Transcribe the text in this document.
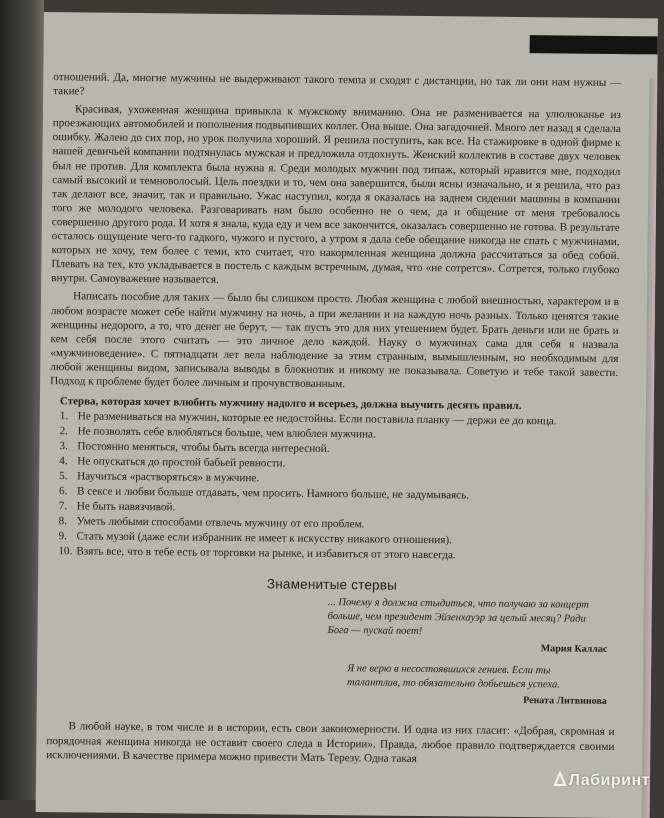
отношений. Да, многие мужчины не выдерживают такого темпа и сходят с дистанции, но так ли они нам нужны — такие?

Красивая, ухоженная женщина привыкла к мужскому вниманию. Она не разменивается на улюлюканье из проезжающих автомобилей и пополнения подвыпивших коллег. Она выше. Она загадочней. Много лет назад я сделала ошибку. Жалею до сих пор, но урок получила хороший. Я решила поступить, как все. На стажировке в одной фирме к нашей девичьей компании подтянулась мужская и предложила отдохнуть. Женский коллектив в составе двух человек был не против. Для комплекта была нужна я. Среди молодых мужчин под типаж, который нравится мне, подходил самый высокий и темноволосый. Цель поездки и то, чем она завершится, были ясны изначально, и я решила, что раз так делают все, значит, так и правильно. Ужас наступил, когда я оказалась на заднем сидении машины в компании того же молодого человека. Разговаривать нам было особенно не о чем, да и общение от меня требовалось совершенно другого рода. И хотя я знала, куда еду и чем все закончится, оказалась совершенно не готова. В результате осталось ощущение чего-то гадкого, чужого и пустого, а утром я дала себе обещание никогда не спать с мужчинами, которых не хочу, тем более с теми, кто считает, что накормленная женщина должна рассчитаться за обед собой. Плевать на тех, кто укладывается в постель с каждым встречным, думая, что «не сотрется». Сотрется, только глубоко внутри. Самоуважение называется.

Написать пособие для таких — было бы слишком просто. Любая женщина с любой внешностью, характером и в любом возрасте может себе найти мужчину на ночь, а при желании и на каждую ночь разных. Только ценятся такие женщины недорого, а то, что денег не берут, — так пусть это для них утешением будет. Брать деньги или не брать и кем себя после этого считать — это личное дело каждой. Науку о мужчинах сама для себя я назвала «мужчиноведение». С пятнадцати лет вела наблюдение за этим странным, вымышленным, но необходимым для любой женщины видом, записывала выводы в блокнотик и никому не показывала. Советую и тебе такой завести. Подход к проблеме будет более личным и прочувствованным.

Стерва, которая хочет влюбить мужчину надолго и всерьез, должна выучить десять правил.
1. Не размениваться на мужчин, которые ее недостойны. Если поставила планку — держи ее до конца.
2. Не позволять себе влюбляться больше, чем влюблен мужчина.
3. Постоянно меняться, чтобы быть всегда интересной.
4. Не опускаться до простой бабьей ревности.
5. Научиться «растворяться» в мужчине.
6. В сексе и любви больше отдавать, чем просить. Намного больше, не задумываясь.
7. Не быть навязчивой.
8. Уметь любыми способами отвлечь мужчину от его проблем.
9. Стать музой (даже если избранник не имеет к искусству никакого отношения).
10. Взять все, что в тебе есть от торговки на рынке, и избавиться от этого навсегда.
Знаменитые стервы
... Почему я должна стыдиться, что получаю за концерт больше, чем президент Эйзенхауэр за целый месяц? Ради Бога — пускай поет!
Мария Каллас
Я не верю в несостоявшихся гениев. Если ты талантлив, то обязательно добьешься успеха.
Рената Литвинова

В любой науке, в том числе и в истории, есть свои закономерности. И одна из них гласит: «Добрая, скромная и порядочная женщина никогда не оставит своего следа в Истории». Правда, любое правило подтверждается своими исключениями. В качестве примера можно привести Мать Терезу. Одна такая

Лабиринт
